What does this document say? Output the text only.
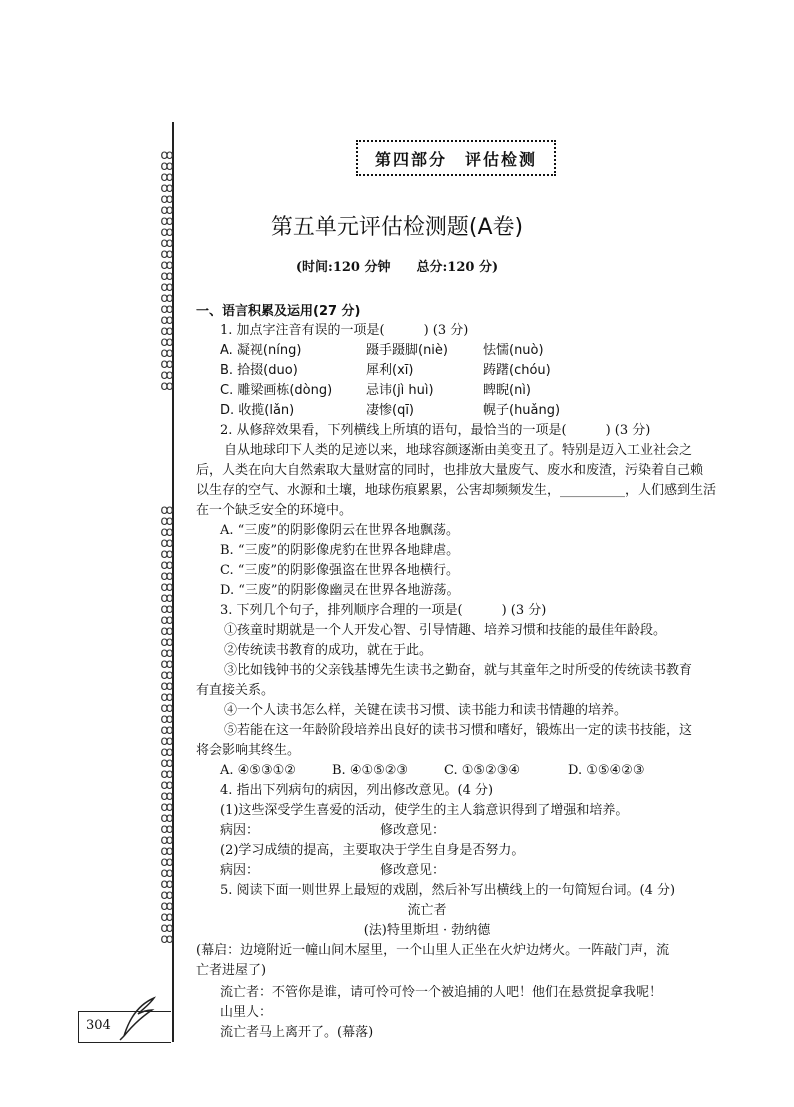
ꝏ
ꝏ
ꝏ
ꝏ
ꝏ
ꝏ
ꝏ
ꝏ
ꝏ
ꝏ
ꝏ
ꝏ
ꝏ
ꝏ
ꝏ
ꝏ
ꝏ
ꝏ
ꝏ
ꝏ
ꝏ
ꝏ
ꝏ
ꝏ
ꝏ
ꝏ
ꝏ
ꝏ
ꝏ
ꝏ
ꝏ
ꝏ
ꝏ
ꝏ
ꝏ
ꝏ
ꝏ
ꝏ
ꝏ
ꝏ
ꝏ
ꝏ
ꝏ
ꝏ
ꝏ
ꝏ
ꝏ
ꝏ
ꝏ
ꝏ
ꝏ
ꝏ
ꝏ
ꝏ
ꝏ
ꝏ
ꝏ
ꝏ
ꝏ
ꝏ
ꝏ
ꝏ
第四部分　评估检测
第五单元评估检测题(A卷)
(时间:120 分钟　　总分:120 分)
一、语言积累及运用(27 分)
1. 加点字注音有误的一项是(　　　) (3 分)
A. 凝视(níng)	蹑手蹑脚(niè)	怯懦(nuò)
B. 拾掇(duo)	犀利(xī)	踌躇(chóu)
C. 雕梁画栋(dòng)	忌讳(jì huì)	睥睨(nì)
D. 收揽(lǎn)	凄惨(qī)	幌子(huǎng)
2. 从修辞效果看，下列横线上所填的语句，最恰当的一项是(　　　) (3 分)
自从地球印下人类的足迹以来，地球容颜逐渐由美变丑了。特别是迈入工业社会之
后，人类在向大自然索取大量财富的同时，也排放大量废气、废水和废渣，污染着自己赖
以生存的空气、水源和土壤，地球伤痕累累，公害却频频发生，__________，人们感到生活
在一个缺乏安全的环境中。
A. “三废”的阴影像阴云在世界各地飘荡。
B. “三废”的阴影像虎豹在世界各地肆虐。
C. “三废”的阴影像强盗在世界各地横行。
D. “三废”的阴影像幽灵在世界各地游荡。
3. 下列几个句子，排列顺序合理的一项是(　　　) (3 分)
①孩童时期就是一个人开发心智、引导情趣、培养习惯和技能的最佳年龄段。
②传统读书教育的成功，就在于此。
③比如钱钟书的父亲钱基博先生读书之勤奋，就与其童年之时所受的传统读书教育
有直接关系。
④一个人读书怎么样，关键在读书习惯、读书能力和读书情趣的培养。
⑤若能在这一年龄阶段培养出良好的读书习惯和嗜好，锻炼出一定的读书技能，这
将会影响其终生。
A. ④⑤③①②	B. ④①⑤②③	C. ①⑤②③④	D. ①⑤④②③
4. 指出下列病句的病因，列出修改意见。(4 分)
(1)这些深受学生喜爱的活动，使学生的主人翁意识得到了增强和培养。
病因：	修改意见：
(2)学习成绩的提高，主要取决于学生自身是否努力。
病因：	修改意见：
5. 阅读下面一则世界上最短的戏剧，然后补写出横线上的一句简短台词。(4 分)
流亡者
(法)特里斯坦 · 勃纳德
(幕启：边境附近一幢山间木屋里，一个山里人正坐在火炉边烤火。一阵敲门声，流
亡者进屋了)
流亡者：不管你是谁，请可怜可怜一个被追捕的人吧！他们在悬赏捉拿我呢！
山里人：
流亡者马上离开了。(幕落)
304
